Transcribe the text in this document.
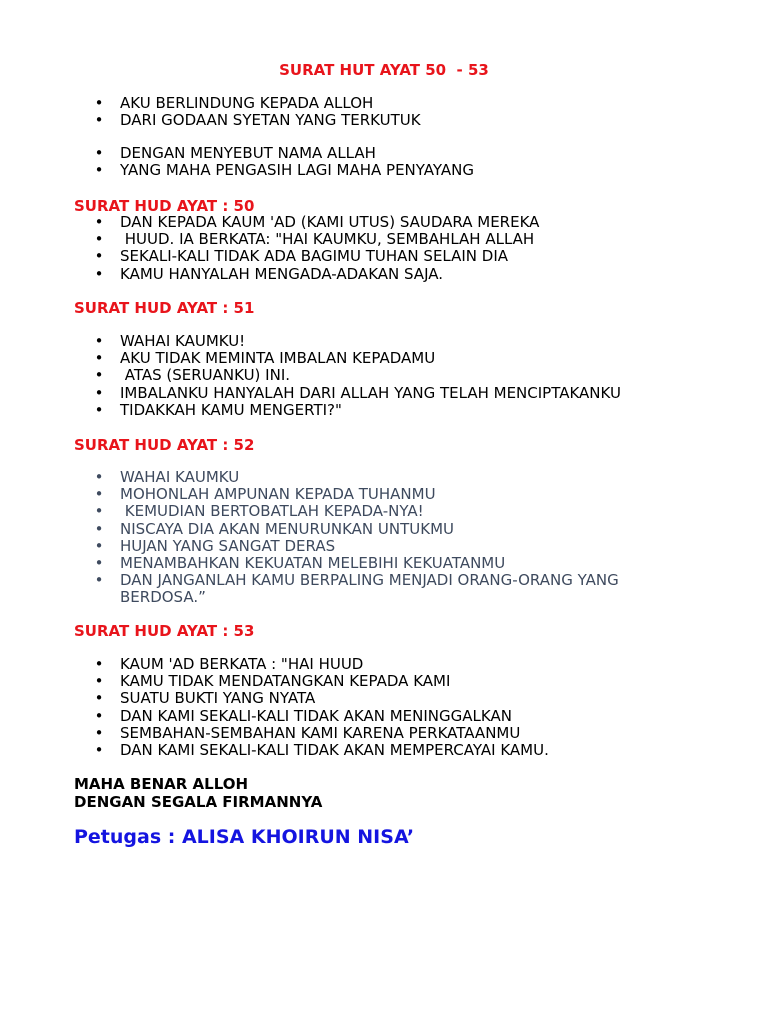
SURAT HUT AYAT 50  - 53
• AKU BERLINDUNG KEPADA ALLOH
• DARI GODAAN SYETAN YANG TERKUTUK
• DENGAN MENYEBUT NAMA ALLAH
• YANG MAHA PENGASIH LAGI MAHA PENYAYANG
SURAT HUD AYAT : 50
• DAN KEPADA KAUM 'AD (KAMI UTUS) SAUDARA MEREKA
• HUUD. IA BERKATA: "HAI KAUMKU, SEMBAHLAH ALLAH
• SEKALI-KALI TIDAK ADA BAGIMU TUHAN SELAIN DIA
• KAMU HANYALAH MENGADA-ADAKAN SAJA.
SURAT HUD AYAT : 51
• WAHAI KAUMKU!
• AKU TIDAK MEMINTA IMBALAN KEPADAMU
• ATAS (SERUANKU) INI.
• IMBALANKU HANYALAH DARI ALLAH YANG TELAH MENCIPTAKANKU
• TIDAKKAH KAMU MENGERTI?"
SURAT HUD AYAT : 52
• WAHAI KAUMKU
• MOHONLAH AMPUNAN KEPADA TUHANMU
• KEMUDIAN BERTOBATLAH KEPADA-NYA!
• NISCAYA DIA AKAN MENURUNKAN UNTUKMU
• HUJAN YANG SANGAT DERAS
• MENAMBAHKAN KEKUATAN MELEBIHI KEKUATANMU
• DAN JANGANLAH KAMU BERPALING MENJADI ORANG-ORANG YANG BERDOSA.”
SURAT HUD AYAT : 53
• KAUM 'AD BERKATA : "HAI HUUD
• KAMU TIDAK MENDATANGKAN KEPADA KAMI
• SUATU BUKTI YANG NYATA
• DAN KAMI SEKALI-KALI TIDAK AKAN MENINGGALKAN
• SEMBAHAN-SEMBAHAN KAMI KARENA PERKATAANMU
• DAN KAMI SEKALI-KALI TIDAK AKAN MEMPERCAYAI KAMU.
MAHA BENAR ALLOH
DENGAN SEGALA FIRMANNYA
Petugas : ALISA KHOIRUN NISA’
